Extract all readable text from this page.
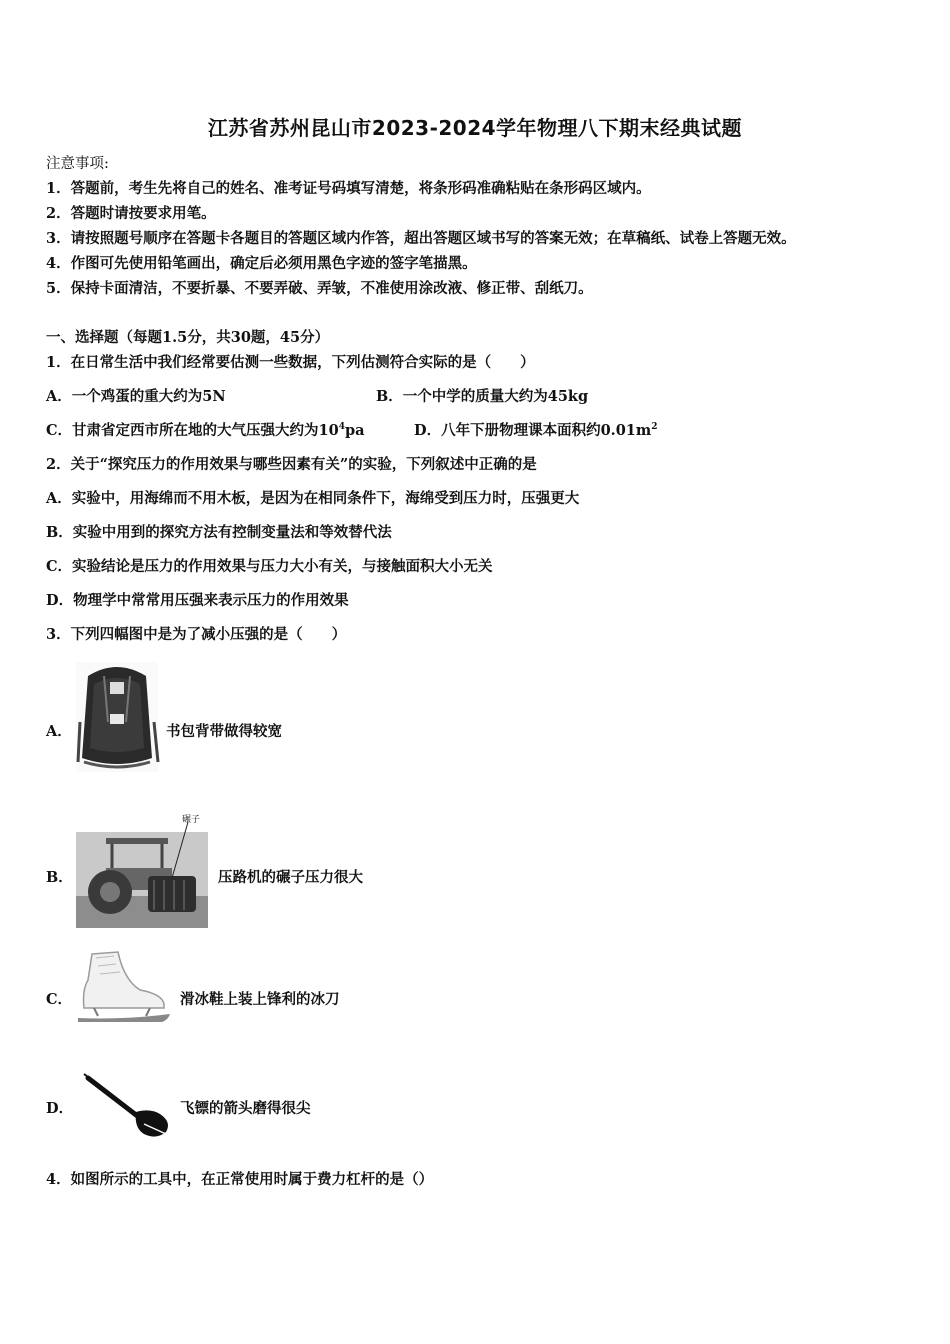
江苏省苏州昆山市2023-2024学年物理八下期末经典试题
注意事项:
1．答题前，考生先将自己的姓名、准考证号码填写清楚，将条形码准确粘贴在条形码区域内。
2．答题时请按要求用笔。
3．请按照题号顺序在答题卡各题目的答题区域内作答，超出答题区域书写的答案无效；在草稿纸、试卷上答题无效。
4．作图可先使用铅笔画出，确定后必须用黑色字迹的签字笔描黑。
5．保持卡面清洁，不要折暴、不要弄破、弄皱，不准使用涂改液、修正带、刮纸刀。
一、选择题（每题1.5分，共30题，45分）
1．在日常生活中我们经常要估测一些数据，下列估测符合实际的是（　　）
A．一个鸡蛋的重大约为5N	B．一个中学的质量大约为45kg
C．甘肃省定西市所在地的大气压强大约为$10^4pa$	D．八年下册物理课本面积约$0.01m^2$
2．关于“探究压力的作用效果与哪些因素有关”的实验，下列叙述中正确的是
A．实验中，用海绵而不用木板，是因为在相同条件下，海绵受到压力时，压强更大
B．实验中用到的探究方法有控制变量法和等效替代法
C．实验结论是压力的作用效果与压力大小有关，与接触面积大小无关
D．物理学中常常用压强来表示压力的作用效果
3．下列四幅图中是为了减小压强的是（　　）
A．	书包背带做得较宽
B．
碾子
压路机的碾子压力很大
C．	滑冰鞋上装上锋利的冰刀
D．	飞镖的箭头磨得很尖
4．如图所示的工具中，在正常使用时属于费力杠杆的是（）
